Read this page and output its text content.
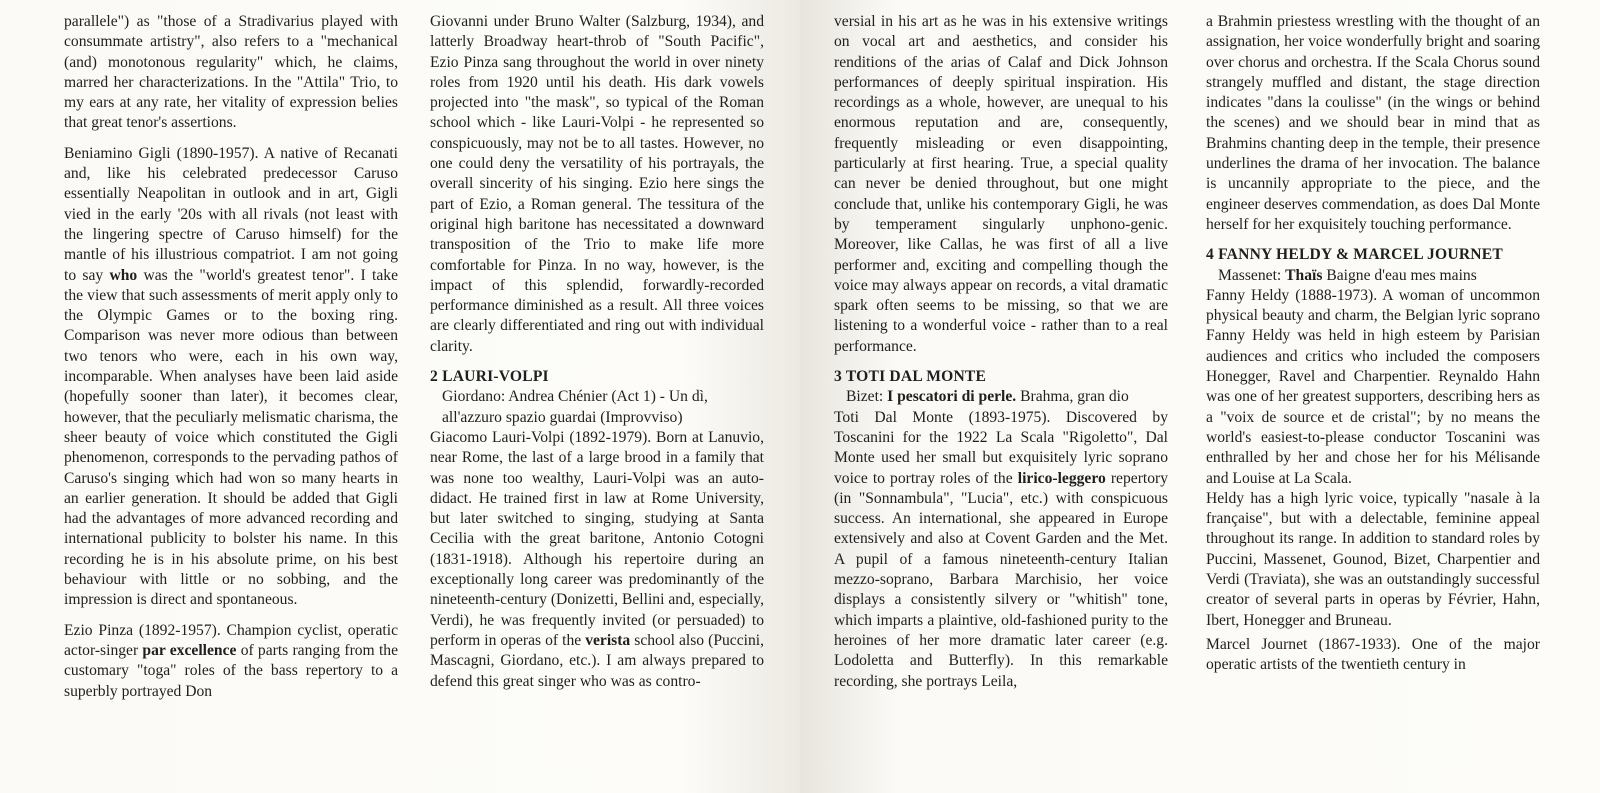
parallele") as "those of a Stradivarius played with consummate artistry", also refers to a "mechanical (and) monotonous regularity" which, he claims, marred her characterizations. In the "Attila" Trio, to my ears at any rate, her vitality of expression belies that great tenor's assertions.

Beniamino Gigli (1890-1957). A native of Recanati and, like his celebrated predecessor Caruso essentially Neapolitan in outlook and in art, Gigli vied in the early '20s with all rivals (not least with the lingering spectre of Caruso himself) for the mantle of his illustrious compatriot. I am not going to say who was the "world's greatest tenor". I take the view that such assessments of merit apply only to the Olympic Games or to the boxing ring. Comparison was never more odious than between two tenors who were, each in his own way, incomparable. When analyses have been laid aside (hopefully sooner than later), it becomes clear, however, that the peculiarly melismatic charisma, the sheer beauty of voice which constituted the Gigli phenomenon, corresponds to the pervading pathos of Caruso's singing which had won so many hearts in an earlier generation. It should be added that Gigli had the advantages of more advanced recording and international publicity to bolster his name. In this recording he is in his absolute prime, on his best behaviour with little or no sobbing, and the impression is direct and spontaneous.

Ezio Pinza (1892-1957). Champion cyclist, operatic actor-singer par excellence of parts ranging from the customary "toga" roles of the bass repertory to a superbly portrayed Don

Giovanni under Bruno Walter (Salzburg, 1934), and latterly Broadway heart-throb of "South Pacific", Ezio Pinza sang throughout the world in over ninety roles from 1920 until his death. His dark vowels projected into "the mask", so typical of the Roman school which - like Lauri-Volpi - he represented so conspicuously, may not be to all tastes. However, no one could deny the versatility of his portrayals, the overall sincerity of his singing. Ezio here sings the part of Ezio, a Roman general. The tessitura of the original high baritone has necessitated a downward transposition of the Trio to make life more comfortable for Pinza. In no way, however, is the impact of this splendid, forwardly-recorded performance diminished as a result. All three voices are clearly differentiated and ring out with individual clarity.

2 LAURI-VOLPI
Giordano: Andrea Chénier (Act 1) - Un dì, all'azzuro spazio guardai (Improvviso)

Giacomo Lauri-Volpi (1892-1979). Born at Lanuvio, near Rome, the last of a large brood in a family that was none too wealthy, Lauri-Volpi was an auto-didact. He trained first in law at Rome University, but later switched to singing, studying at Santa Cecilia with the great baritone, Antonio Cotogni (1831-1918). Although his repertoire during an exceptionally long career was predominantly of the nineteenth-century (Donizetti, Bellini and, especially, Verdi), he was frequently invited (or persuaded) to perform in operas of the verista school also (Puccini, Mascagni, Giordano, etc.). I am always prepared to defend this great singer who was as contro-

versial in his art as he was in his extensive writings on vocal art and aesthetics, and consider his renditions of the arias of Calaf and Dick Johnson performances of deeply spiritual inspiration. His recordings as a whole, however, are unequal to his enormous reputation and are, consequently, frequently misleading or even disappointing, particularly at first hearing. True, a special quality can never be denied throughout, but one might conclude that, unlike his contemporary Gigli, he was by temperament singularly unphono-genic. Moreover, like Callas, he was first of all a live performer and, exciting and compelling though the voice may always appear on records, a vital dramatic spark often seems to be missing, so that we are listening to a wonderful voice - rather than to a real performance.

3 TOTI DAL MONTE
Bizet: I pescatori di perle. Brahma, gran dio

Toti Dal Monte (1893-1975). Discovered by Toscanini for the 1922 La Scala "Rigoletto", Dal Monte used her small but exquisitely lyric soprano voice to portray roles of the lirico-leggero repertory (in "Sonnambula", "Lucia", etc.) with conspicuous success. An international, she appeared in Europe extensively and also at Covent Garden and the Met. A pupil of a famous nineteenth-century Italian mezzo-soprano, Barbara Marchisio, her voice displays a consistently silvery or "whitish" tone, which imparts a plaintive, old-fashioned purity to the heroines of her more dramatic later career (e.g. Lodoletta and Butterfly). In this remarkable recording, she portrays Leila,

a Brahmin priestess wrestling with the thought of an assignation, her voice wonderfully bright and soaring over chorus and orchestra. If the Scala Chorus sound strangely muffled and distant, the stage direction indicates "dans la coulisse" (in the wings or behind the scenes) and we should bear in mind that as Brahmins chanting deep in the temple, their presence underlines the drama of her invocation. The balance is uncannily appropriate to the piece, and the engineer deserves commendation, as does Dal Monte herself for her exquisitely touching performance.

4 FANNY HELDY & MARCEL JOURNET
Massenet: Thaïs Baigne d'eau mes mains

Fanny Heldy (1888-1973). A woman of uncommon physical beauty and charm, the Belgian lyric soprano Fanny Heldy was held in high esteem by Parisian audiences and critics who included the composers Honegger, Ravel and Charpentier. Reynaldo Hahn was one of her greatest supporters, describing hers as a "voix de source et de cristal"; by no means the world's easiest-to-please conductor Toscanini was enthralled by her and chose her for his Mélisande and Louise at La Scala.

Heldy has a high lyric voice, typically "nasale à la française", but with a delectable, feminine appeal throughout its range. In addition to standard roles by Puccini, Massenet, Gounod, Bizet, Charpentier and Verdi (Traviata), she was an outstandingly successful creator of several parts in operas by Février, Hahn, Ibert, Honegger and Bruneau.

Marcel Journet (1867-1933). One of the major operatic artists of the twentieth century in
